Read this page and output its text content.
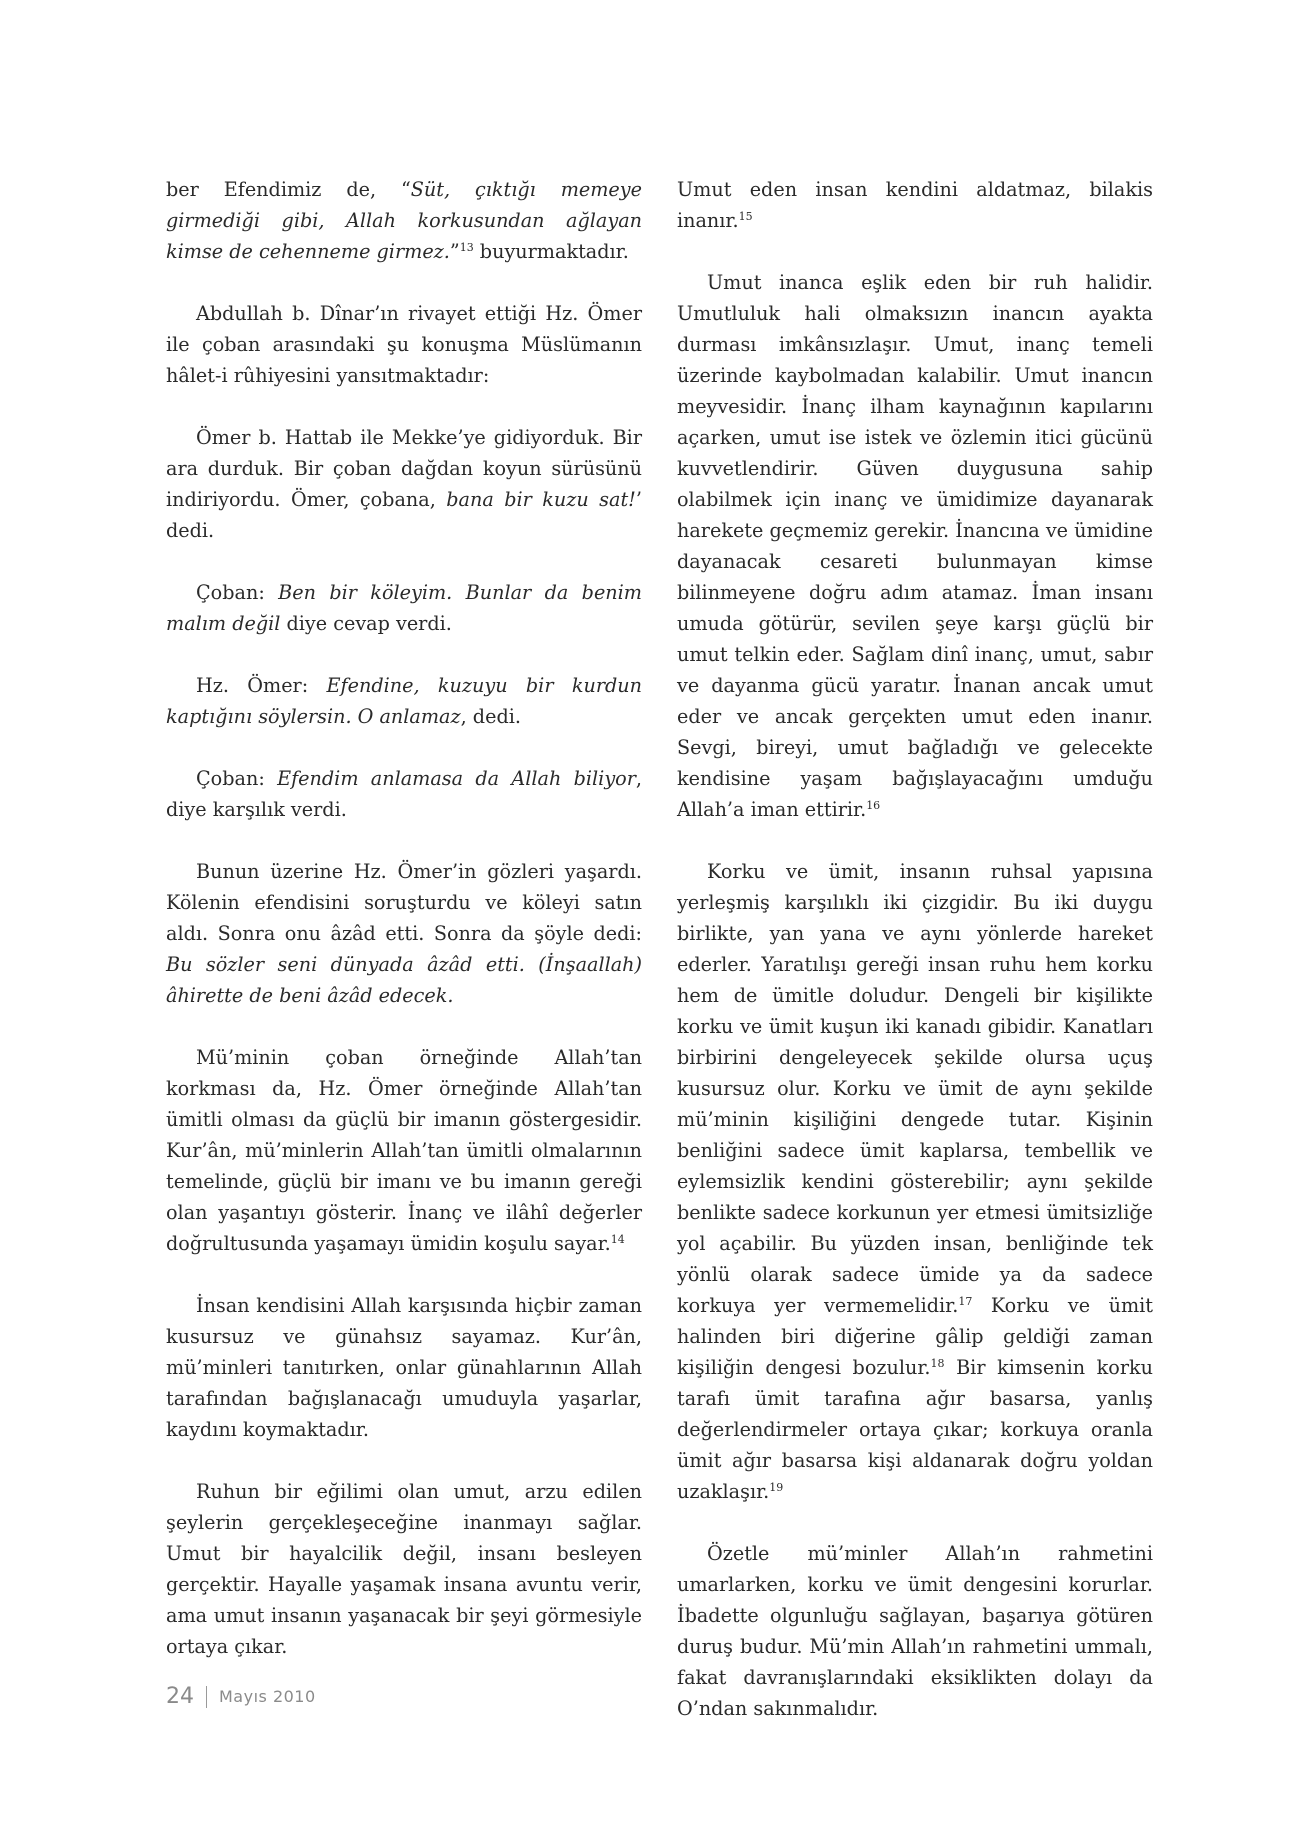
ber Efendimiz de, “Süt, çıktığı memeye girmediği gibi, Allah korkusundan ağlayan kimse de cehenneme girmez.”$^{13}$ buyurmaktadır.

Abdullah b. Dînar’ın rivayet ettiği Hz. Ömer ile çoban arasındaki şu konuşma Müslümanın hâlet-i rûhiyesini yansıtmaktadır:

Ömer b. Hattab ile Mekke’ye gidiyorduk. Bir ara durduk. Bir çoban dağdan koyun sürüsünü indiriyordu. Ömer, çobana, bana bir kuzu sat!’ dedi.

Çoban: Ben bir köleyim. Bunlar da benim malım değil diye cevap verdi.

Hz. Ömer: Efendine, kuzuyu bir kurdun kaptığını söylersin. O anlamaz, dedi.

Çoban: Efendim anlamasa da Allah biliyor, diye karşılık verdi.

Bunun üzerine Hz. Ömer’in gözleri yaşardı. Kölenin efendisini soruşturdu ve köleyi satın aldı. Sonra onu âzâd etti. Sonra da şöyle dedi: Bu sözler seni dünyada âzâd etti. (İnşaallah) âhirette de beni âzâd edecek.

Mü’minin çoban örneğinde Allah’tan korkması da, Hz. Ömer örneğinde Allah’tan ümitli olması da güçlü bir imanın göstergesidir. Kur’ân, mü’minlerin Allah’tan ümitli olmalarının temelinde, güçlü bir imanı ve bu imanın gereği olan yaşantıyı gösterir. İnanç ve ilâhî değerler doğrultusunda yaşamayı ümidin koşulu sayar.$^{14}$

İnsan kendisini Allah karşısında hiçbir zaman kusursuz ve günahsız sayamaz. Kur’ân, mü’minleri tanıtırken, onlar günahlarının Allah tarafından bağışlanacağı umuduyla yaşarlar, kaydını koymaktadır.

Ruhun bir eğilimi olan umut, arzu edilen şeylerin gerçekleşeceğine inanmayı sağlar. Umut bir hayalcilik değil, insanı besleyen gerçektir. Hayalle yaşamak insana avuntu verir, ama umut insanın yaşanacak bir şeyi görmesiyle ortaya çıkar.

Umut eden insan kendini aldatmaz, bilakis inanır.$^{15}$

Umut inanca eşlik eden bir ruh halidir. Umutluluk hali olmaksızın inancın ayakta durması imkânsızlaşır. Umut, inanç temeli üzerinde kaybolmadan kalabilir. Umut inancın meyvesidir. İnanç ilham kaynağının kapılarını açarken, umut ise istek ve özlemin itici gücünü kuvvetlendirir. Güven duygusuna sahip olabilmek için inanç ve ümidimize dayanarak harekete geçmemiz gerekir. İnancına ve ümidine dayanacak cesareti bulunmayan kimse bilinmeyene doğru adım atamaz. İman insanı umuda götürür, sevilen şeye karşı güçlü bir umut telkin eder. Sağlam dinî inanç, umut, sabır ve dayanma gücü yaratır. İnanan ancak umut eder ve ancak gerçekten umut eden inanır. Sevgi, bireyi, umut bağladığı ve gelecekte kendisine yaşam bağışlayacağını umduğu Allah’a iman ettirir.$^{16}$

Korku ve ümit, insanın ruhsal yapısına yerleşmiş karşılıklı iki çizgidir. Bu iki duygu birlikte, yan yana ve aynı yönlerde hareket ederler. Yaratılışı gereği insan ruhu hem korku hem de ümitle doludur. Dengeli bir kişilikte korku ve ümit kuşun iki kanadı gibidir. Kanatları birbirini dengeleyecek şekilde olursa uçuş kusursuz olur. Korku ve ümit de aynı şekilde mü’minin kişiliğini dengede tutar. Kişinin benliğini sadece ümit kaplarsa, tembellik ve eylemsizlik kendini gösterebilir; aynı şekilde benlikte sadece korkunun yer etmesi ümitsizliğe yol açabilir. Bu yüzden insan, benliğinde tek yönlü olarak sadece ümide ya da sadece korkuya yer vermemelidir.$^{17}$ Korku ve ümit halinden biri diğerine gâlip geldiği zaman kişiliğin dengesi bozulur.$^{18}$ Bir kimsenin korku tarafı ümit tarafına ağır basarsa, yanlış değerlendirmeler ortaya çıkar; korkuya oranla ümit ağır basarsa kişi aldanarak doğru yoldan uzaklaşır.$^{19}$

Özetle mü’minler Allah’ın rahmetini umarlarken, korku ve ümit dengesini korurlar. İbadette olgunluğu sağlayan, başarıya götüren duruş budur. Mü’min Allah’ın rahmetini ummalı, fakat davranışlarındaki eksiklikten dolayı da O’ndan sakınmalıdır.

24 Mayıs 2010
